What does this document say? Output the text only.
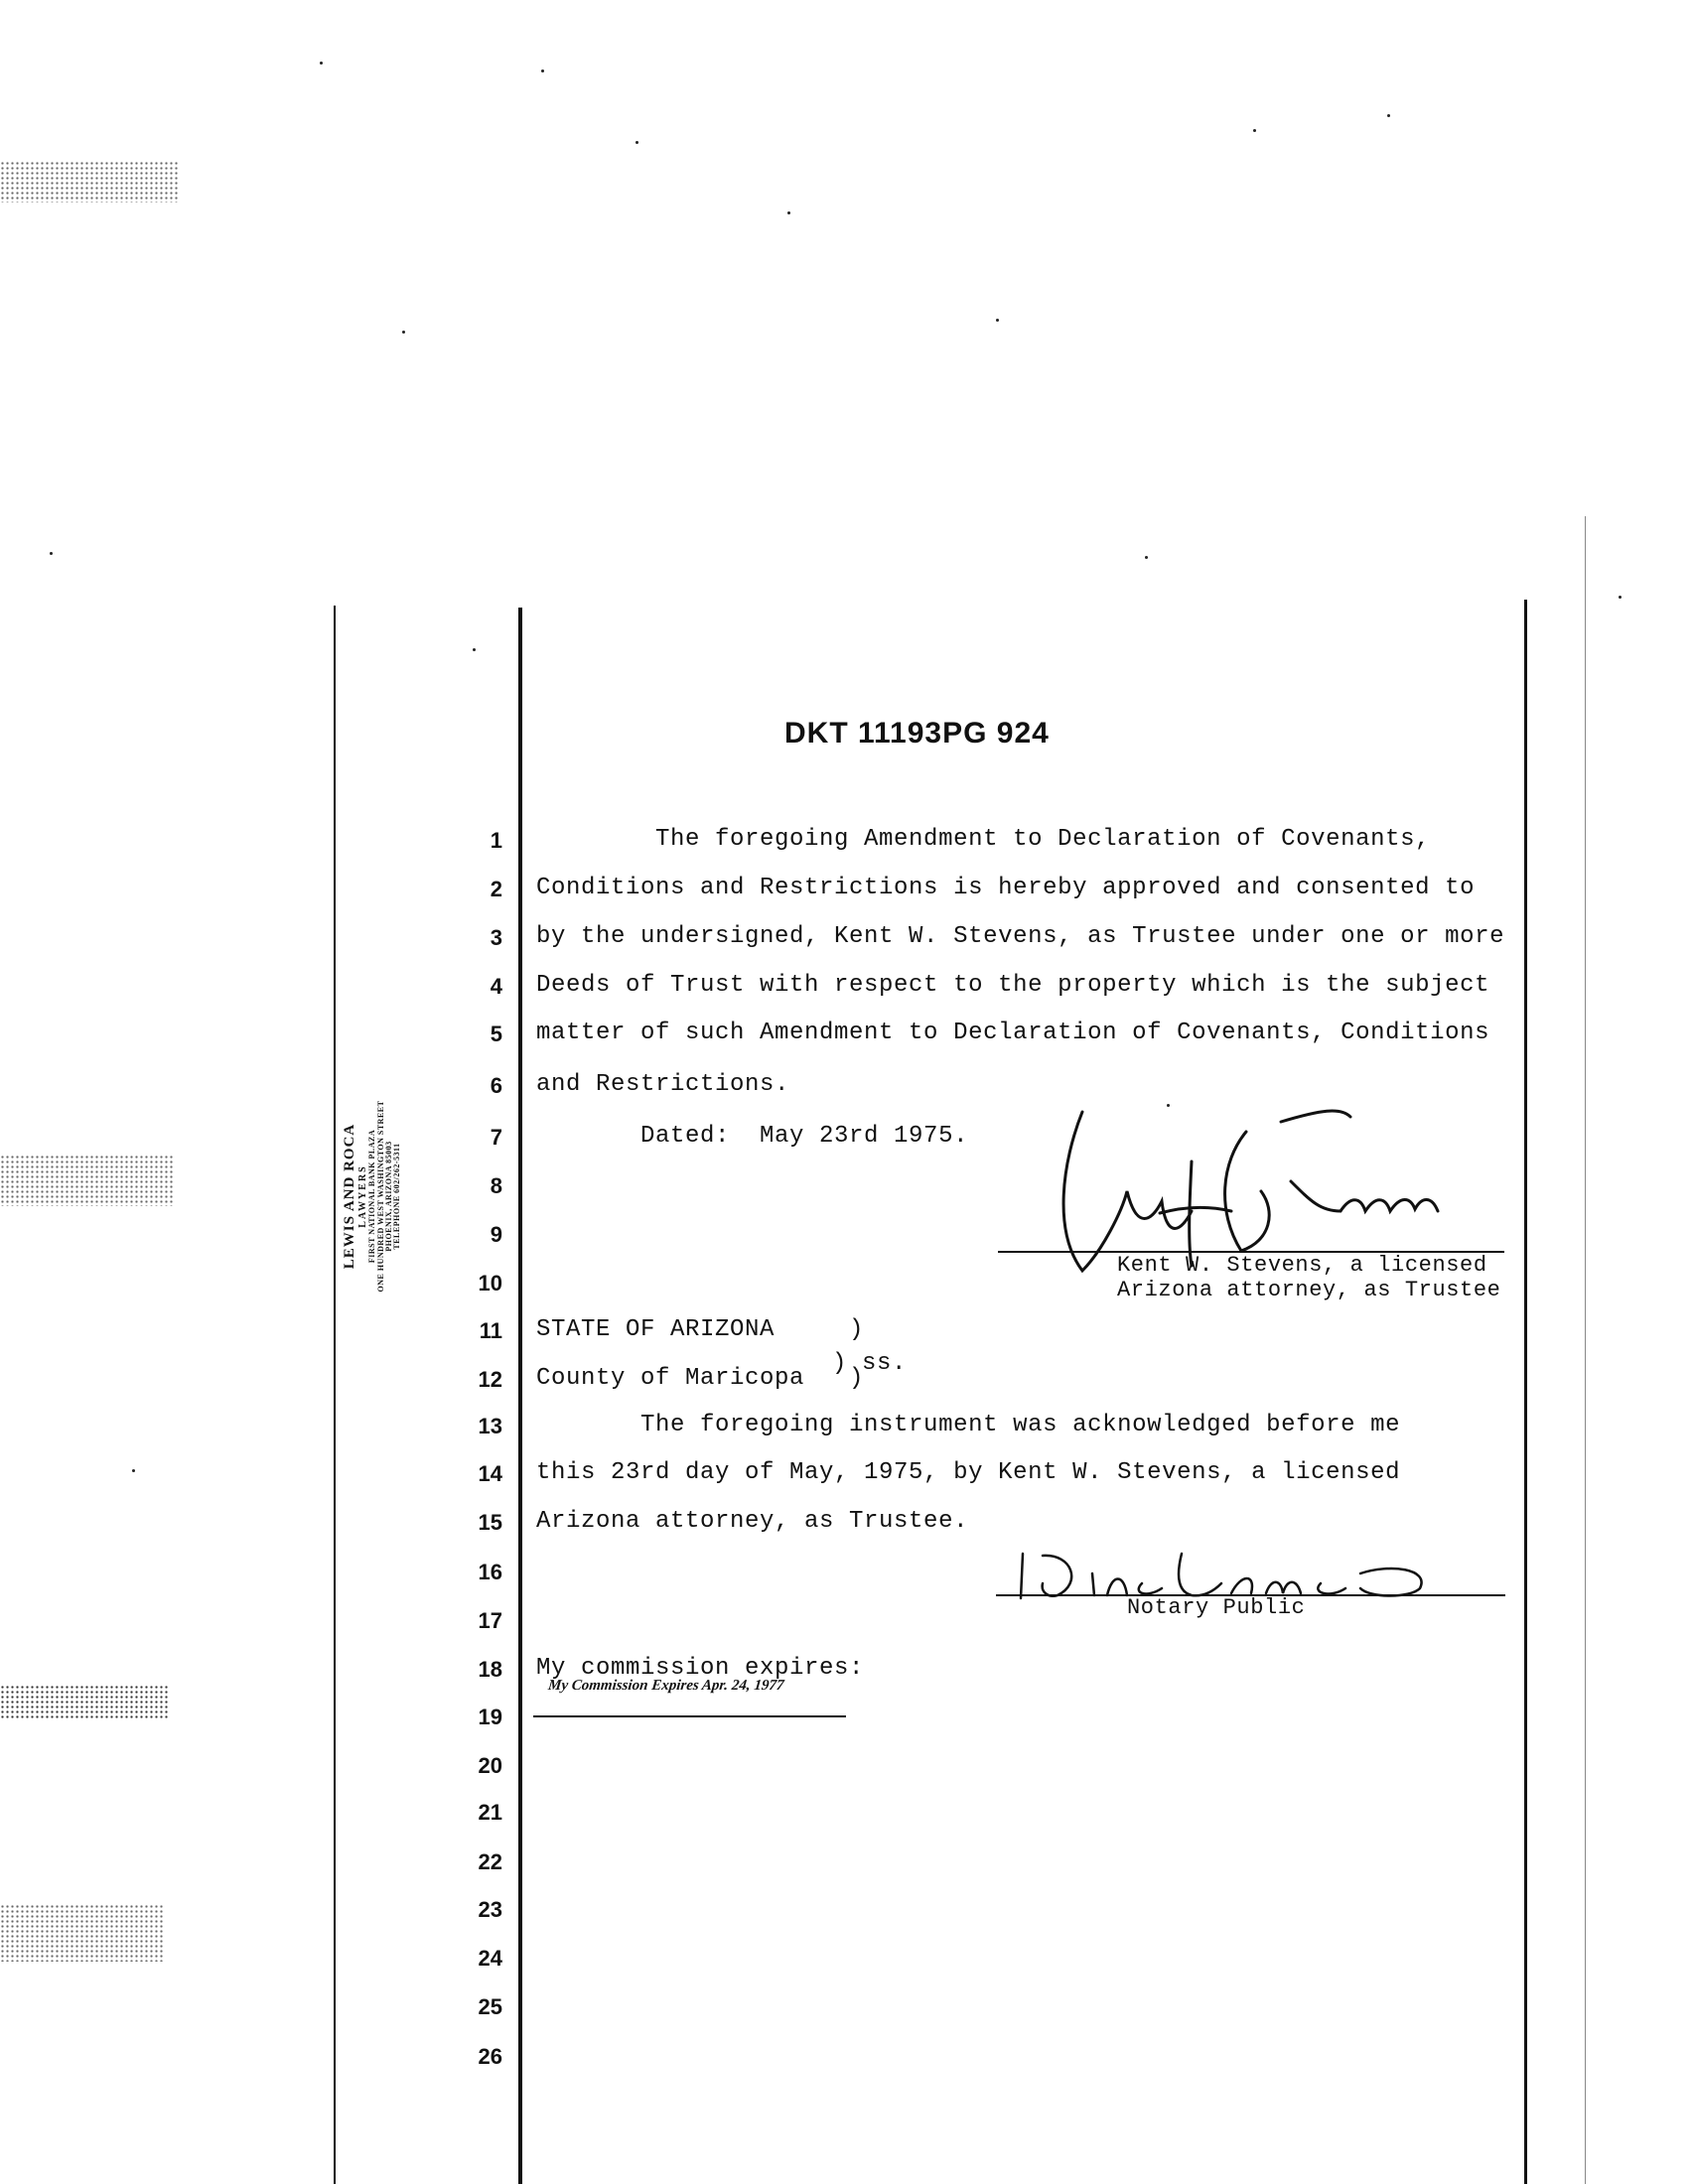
LEWIS AND ROCA LAWYERS FIRST NATIONAL BANK PLAZA ONE HUNDRED WEST WASHINGTON STREET PHOENIX, ARIZONA 85003 TELEPHONE 602/262-5311
DKT 11193PG 924
1
2
3
4
5
6
7
8
9
10
11
12
13
14
15
16
17
18
19
20
21
22
23
24
25
26
The foregoing Amendment to Declaration of Covenants,
Conditions and Restrictions is hereby approved and consented to
by the undersigned, Kent W. Stevens, as Trustee under one or more
Deeds of Trust with respect to the property which is the subject
matter of such Amendment to Declaration of Covenants, Conditions
and Restrictions.
Dated:  May 23rd 1975.
STATE OF ARIZONA     )
County of Maricopa   )
The foregoing instrument was acknowledged before me
this 23rd day of May, 1975, by Kent W. Stevens, a licensed
Arizona attorney, as Trustee.
My commission expires:
) ss.
Kent W. Stevens, a licensed
Arizona attorney, as Trustee
Notary Public
My Commission Expires Apr. 24, 1977
